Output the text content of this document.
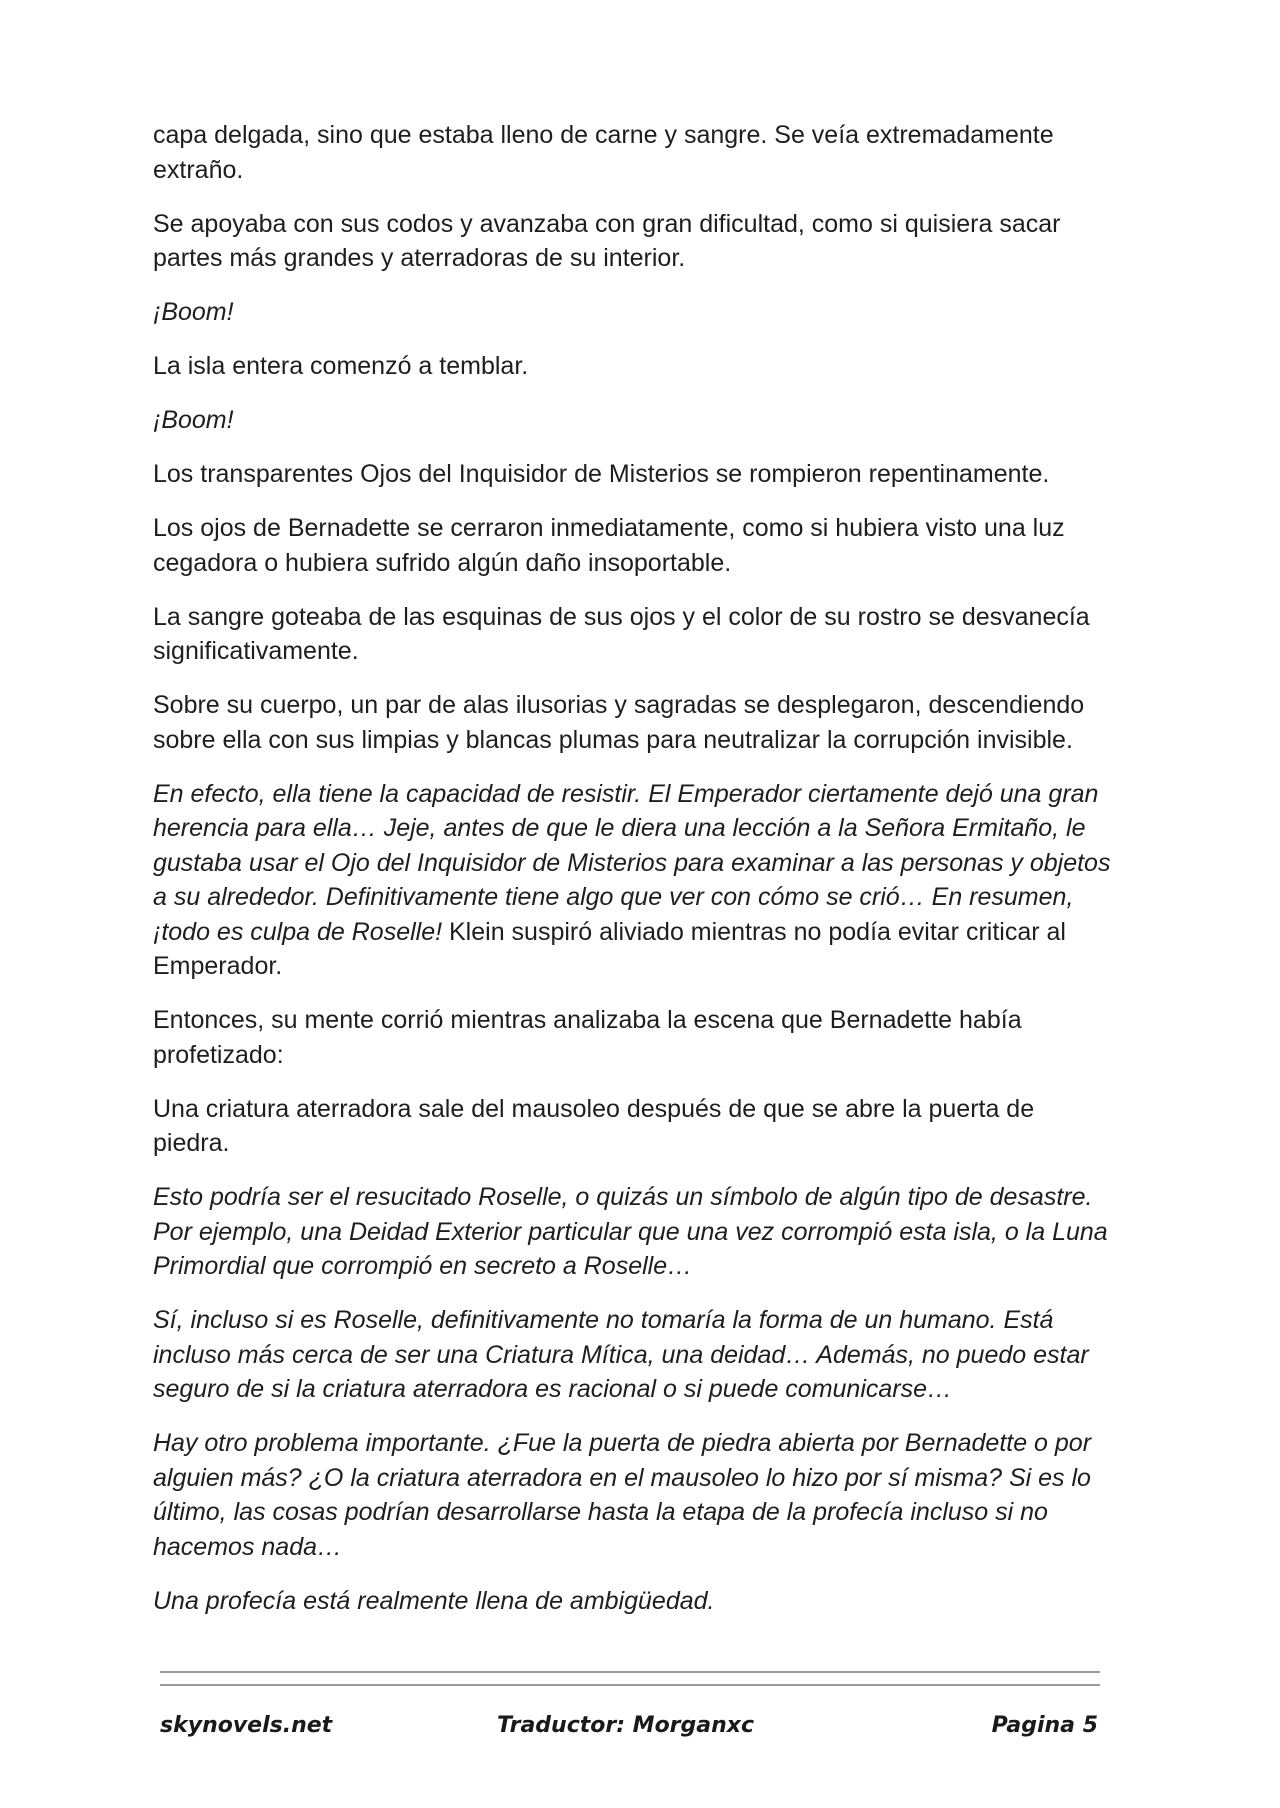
capa delgada, sino que estaba lleno de carne y sangre. Se veía extremadamente extraño.

Se apoyaba con sus codos y avanzaba con gran dificultad, como si quisiera sacar partes más grandes y aterradoras de su interior.

¡Boom!

La isla entera comenzó a temblar.

¡Boom!

Los transparentes Ojos del Inquisidor de Misterios se rompieron repentinamente.

Los ojos de Bernadette se cerraron inmediatamente, como si hubiera visto una luz cegadora o hubiera sufrido algún daño insoportable.

La sangre goteaba de las esquinas de sus ojos y el color de su rostro se desvanecía significativamente.

Sobre su cuerpo, un par de alas ilusorias y sagradas se desplegaron, descendiendo sobre ella con sus limpias y blancas plumas para neutralizar la corrupción invisible.

En efecto, ella tiene la capacidad de resistir. El Emperador ciertamente dejó una gran herencia para ella… Jeje, antes de que le diera una lección a la Señora Ermitaño, le gustaba usar el Ojo del Inquisidor de Misterios para examinar a las personas y objetos a su alrededor. Definitivamente tiene algo que ver con cómo se crió… En resumen, ¡todo es culpa de Roselle! Klein suspiró aliviado mientras no podía evitar criticar al Emperador.

Entonces, su mente corrió mientras analizaba la escena que Bernadette había profetizado:

Una criatura aterradora sale del mausoleo después de que se abre la puerta de piedra.

Esto podría ser el resucitado Roselle, o quizás un símbolo de algún tipo de desastre. Por ejemplo, una Deidad Exterior particular que una vez corrompió esta isla, o la Luna Primordial que corrompió en secreto a Roselle…

Sí, incluso si es Roselle, definitivamente no tomaría la forma de un humano. Está incluso más cerca de ser una Criatura Mítica, una deidad… Además, no puedo estar seguro de si la criatura aterradora es racional o si puede comunicarse…

Hay otro problema importante. ¿Fue la puerta de piedra abierta por Bernadette o por alguien más? ¿O la criatura aterradora en el mausoleo lo hizo por sí misma? Si es lo último, las cosas podrían desarrollarse hasta la etapa de la profecía incluso si no hacemos nada…

Una profecía está realmente llena de ambigüedad.

skynovels.net	Traductor: Morganxc	Pagina 5
